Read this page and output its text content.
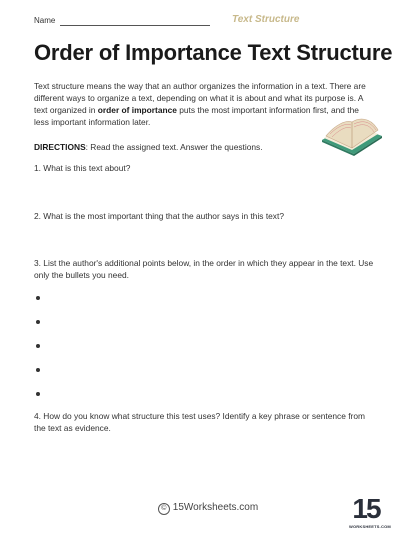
Name	Text Structure
Order of Importance Text Structure
Text structure means the way that an author organizes the information in a text. There are different ways to organize a text, depending on what it is about and what its purpose is. A text organized in order of importance puts the most important information first, and the less important information later.
DIRECTIONS: Read the assigned text. Answer the questions.
1. What is this text about?
2. What is the most important thing that the author says in this text?
3. List the author's additional points below, in the order in which they appear in the text. Use only the bullets you need.
4. How do you know what structure this test uses? Identify a key phrase or sentence from the text as evidence.
© 15Worksheets.com	15
WORKSHEETS.COM
